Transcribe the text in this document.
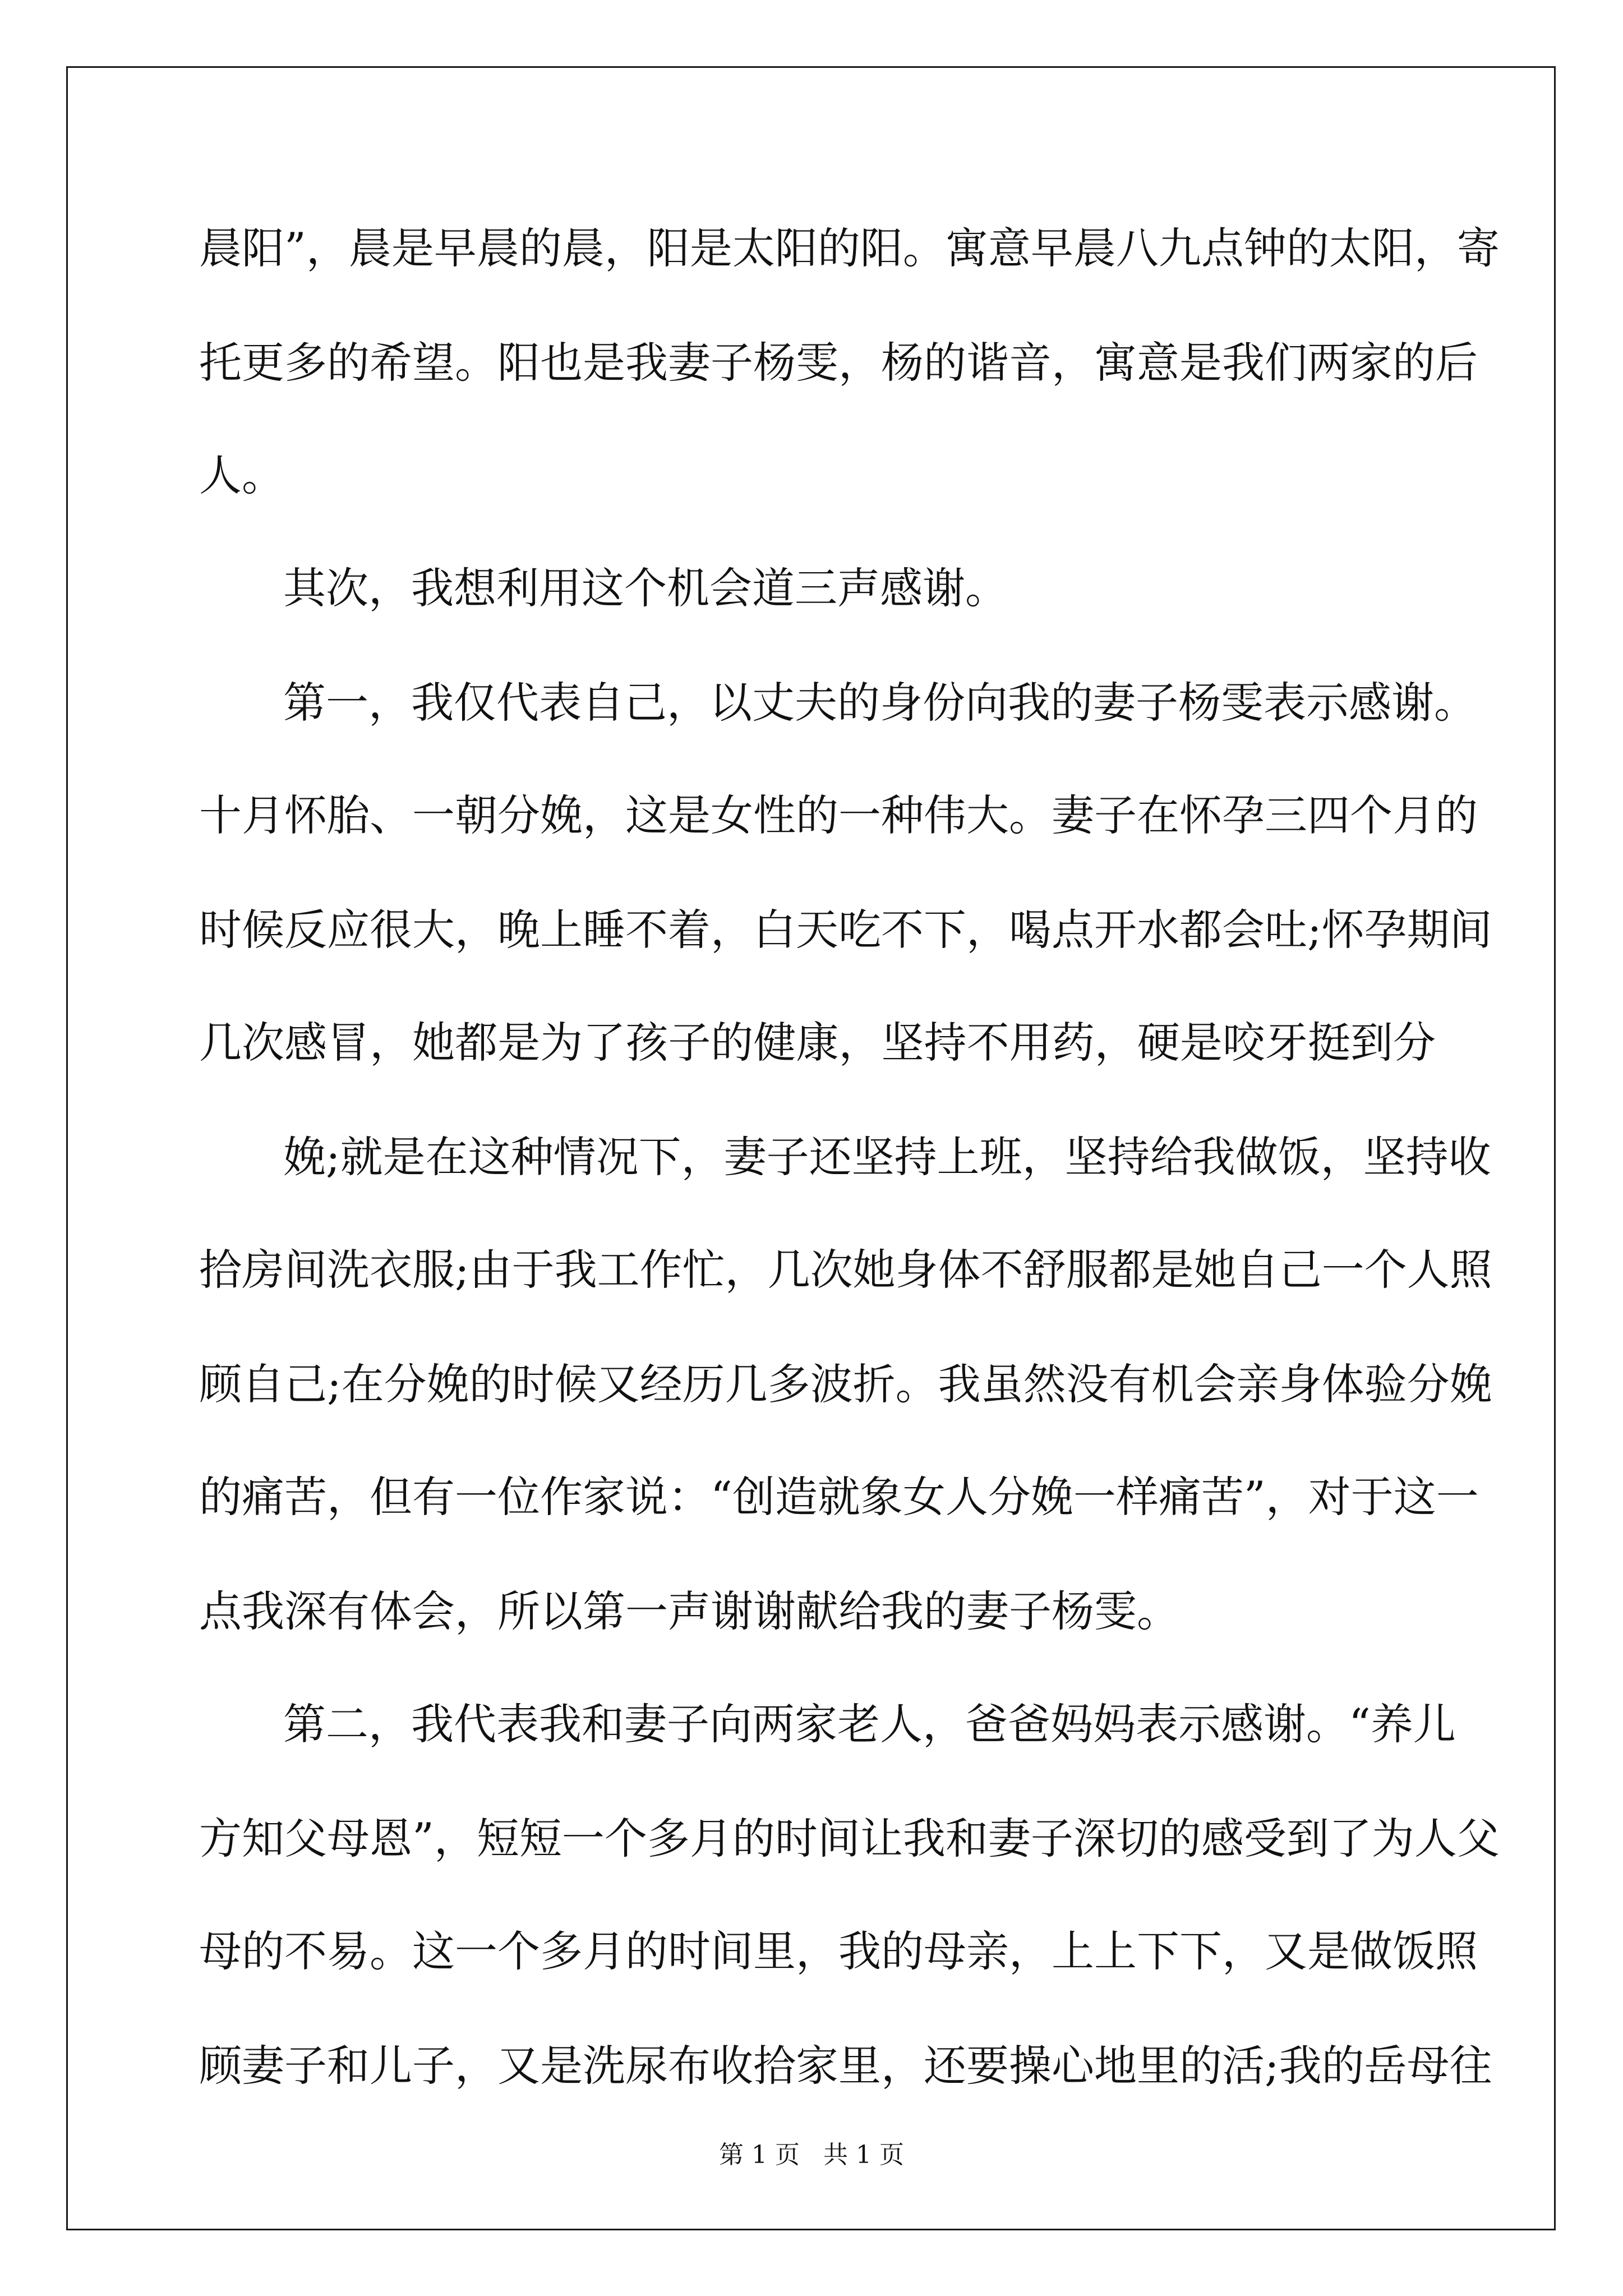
晨阳”，晨是早晨的晨，阳是太阳的阳。寓意早晨八九点钟的太阳，寄
托更多的希望。阳也是我妻子杨雯，杨的谐音，寓意是我们两家的后
人。
其次，我想利用这个机会道三声感谢。
第一，我仅代表自己，以丈夫的身份向我的妻子杨雯表示感谢。
十月怀胎、一朝分娩，这是女性的一种伟大。妻子在怀孕三四个月的
时候反应很大，晚上睡不着，白天吃不下，喝点开水都会吐;怀孕期间
几次感冒，她都是为了孩子的健康，坚持不用药，硬是咬牙挺到分
娩;就是在这种情况下，妻子还坚持上班，坚持给我做饭，坚持收
拾房间洗衣服;由于我工作忙，几次她身体不舒服都是她自己一个人照
顾自己;在分娩的时候又经历几多波折。我虽然没有机会亲身体验分娩
的痛苦，但有一位作家说：“创造就象女人分娩一样痛苦”，对于这一
点我深有体会，所以第一声谢谢献给我的妻子杨雯。
第二，我代表我和妻子向两家老人，爸爸妈妈表示感谢。“养儿
方知父母恩”，短短一个多月的时间让我和妻子深切的感受到了为人父
母的不易。这一个多月的时间里，我的母亲，上上下下，又是做饭照
顾妻子和儿子，又是洗尿布收拾家里，还要操心地里的活;我的岳母往
第 1 页   共 1 页
